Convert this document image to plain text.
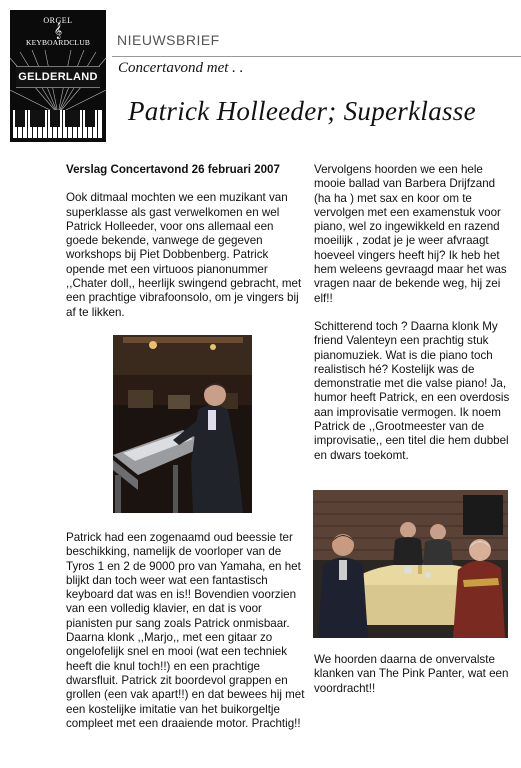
ORGEL
𝄞
KEYBOARDCLUB
GELDERLAND
NIEUWSBRIEF
Concertavond met . .
Patrick Holleeder; Superklasse

Verslag Concertavond 26 februari 2007

Ook ditmaal mochten we een muzikant van superklasse als gast verwelkomen en wel Patrick Holleeder, voor ons allemaal een goede bekende, vanwege de gegeven workshops bij Piet Dobbenberg. Patrick opende met een virtuoos pianonummer ,,Chater doll,, heerlijk swingend gebracht, met een prachtige vibrafoonsolo, om je vingers bij af te likken.

Patrick had een zogenaamd oud beessie ter beschikking, namelijk de voorloper van de Tyros 1 en 2 de 9000 pro van Yamaha, en het blijkt dan toch weer wat een fantastisch keyboard dat was en is!! Bovendien voorzien van een volledig klavier, en dat is voor pianisten pur sang zoals Patrick onmisbaar. Daarna klonk ,,Marjo,, met een gitaar zo ongelofelijk snel en mooi (wat een techniek heeft die knul toch!!) en een prachtige dwarsfluit. Patrick zit boordevol grappen en grollen (een vak apart!!) en dat bewees hij met een kostelijke imitatie van het buikorgeltje compleet met een draaiende motor. Prachtig!!

Vervolgens hoorden we een hele mooie ballad van Barbera Drijfzand (ha ha ) met sax en koor om te vervolgen met een examenstuk voor piano, wel zo ingewikkeld en razend moeilijk , zodat je je weer afvraagt hoeveel vingers heeft hij? Ik heb het hem weleens gevraagd maar het was vragen naar de bekende weg, hij zei elf!!

Schitterend toch ? Daarna klonk My friend Valenteyn een prachtig stuk pianomuziek. Wat is die piano toch realistisch hé? Kostelijk was de demonstratie met die valse piano! Ja, humor heeft Patrick, en een overdosis aan improvisatie vermogen. Ik noem Patrick de ,,Grootmeester van de improvisatie,, een titel die hem dubbel en dwars toekomt.

We hoorden daarna de onvervalste klanken van The Pink Panter, wat een voordracht!!
